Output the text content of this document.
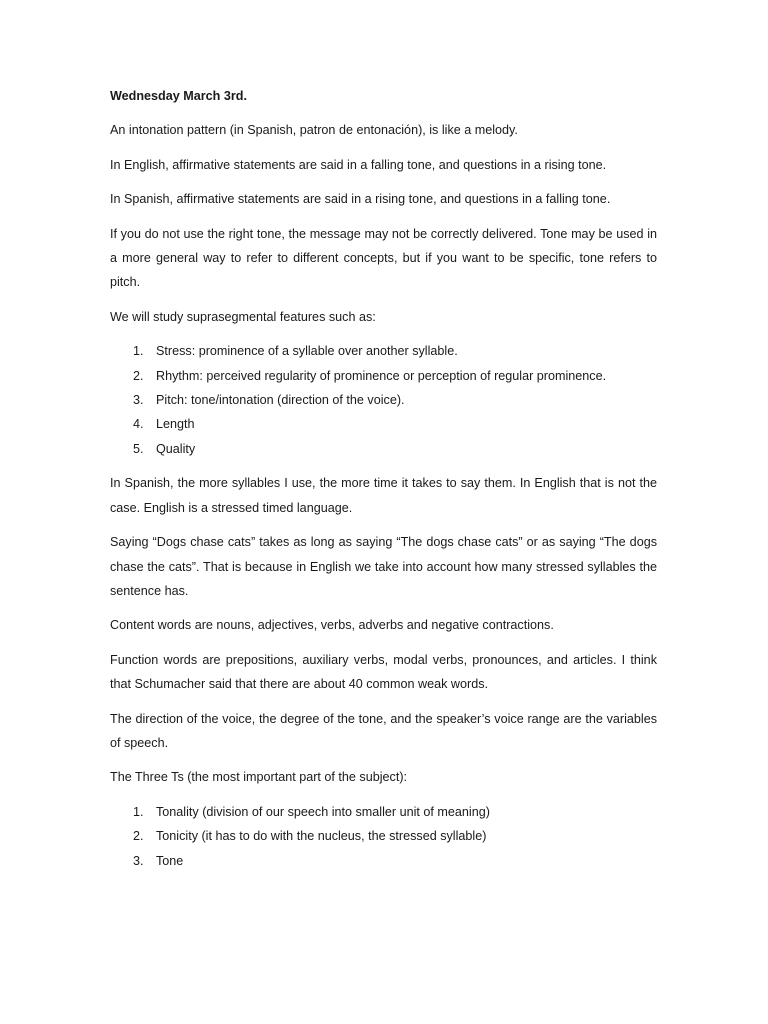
Wednesday March 3rd.

An intonation pattern (in Spanish, patron de entonación), is like a melody.

In English, affirmative statements are said in a falling tone, and questions in a rising tone.

In Spanish, affirmative statements are said in a rising tone, and questions in a falling tone.

If you do not use the right tone, the message may not be correctly delivered. Tone may be used in a more general way to refer to different concepts, but if you want to be specific, tone refers to pitch.

We will study suprasegmental features such as:

1. Stress: prominence of a syllable over another syllable.
2. Rhythm: perceived regularity of prominence or perception of regular prominence.
3. Pitch: tone/intonation (direction of the voice).
4. Length
5. Quality

In Spanish, the more syllables I use, the more time it takes to say them. In English that is not the case. English is a stressed timed language.

Saying “Dogs chase cats” takes as long as saying “The dogs chase cats” or as saying “The dogs chase the cats”. That is because in English we take into account how many stressed syllables the sentence has.

Content words are nouns, adjectives, verbs, adverbs and negative contractions.

Function words are prepositions, auxiliary verbs, modal verbs, pronounces, and articles. I think that Schumacher said that there are about 40 common weak words.

The direction of the voice, the degree of the tone, and the speaker’s voice range are the variables of speech.

The Three Ts (the most important part of the subject):

1. Tonality (division of our speech into smaller unit of meaning)
2. Tonicity (it has to do with the nucleus, the stressed syllable)
3. Tone
